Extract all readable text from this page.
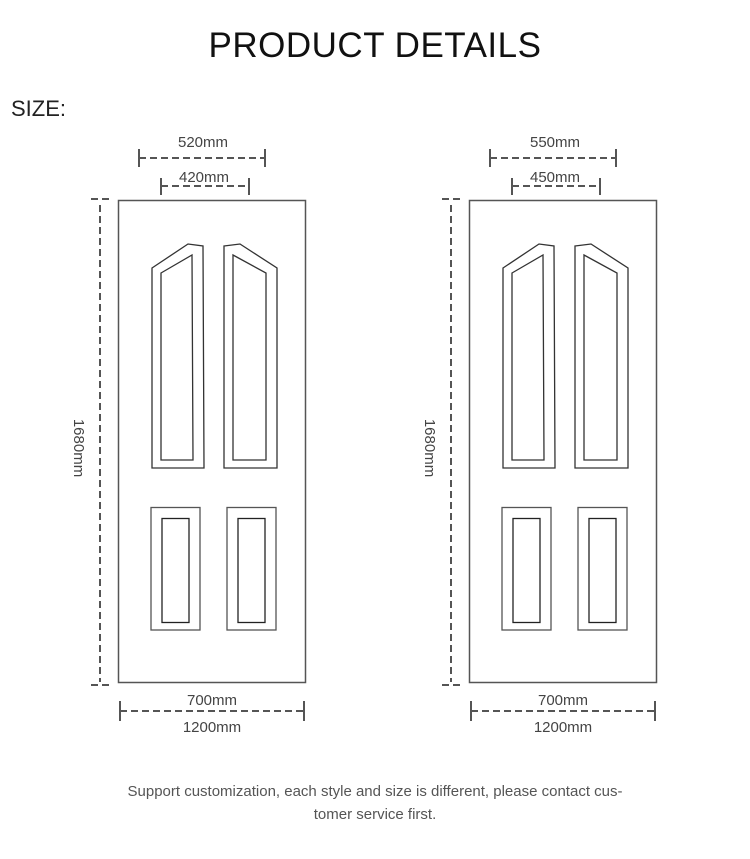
PRODUCT DETAILS
SIZE:
520mm
420mm
1680mm
700mm
1200mm
550mm
450mm
1680mm
700mm
1200mm
Support customization, each style and size is different, please contact cus-
tomer service first.
